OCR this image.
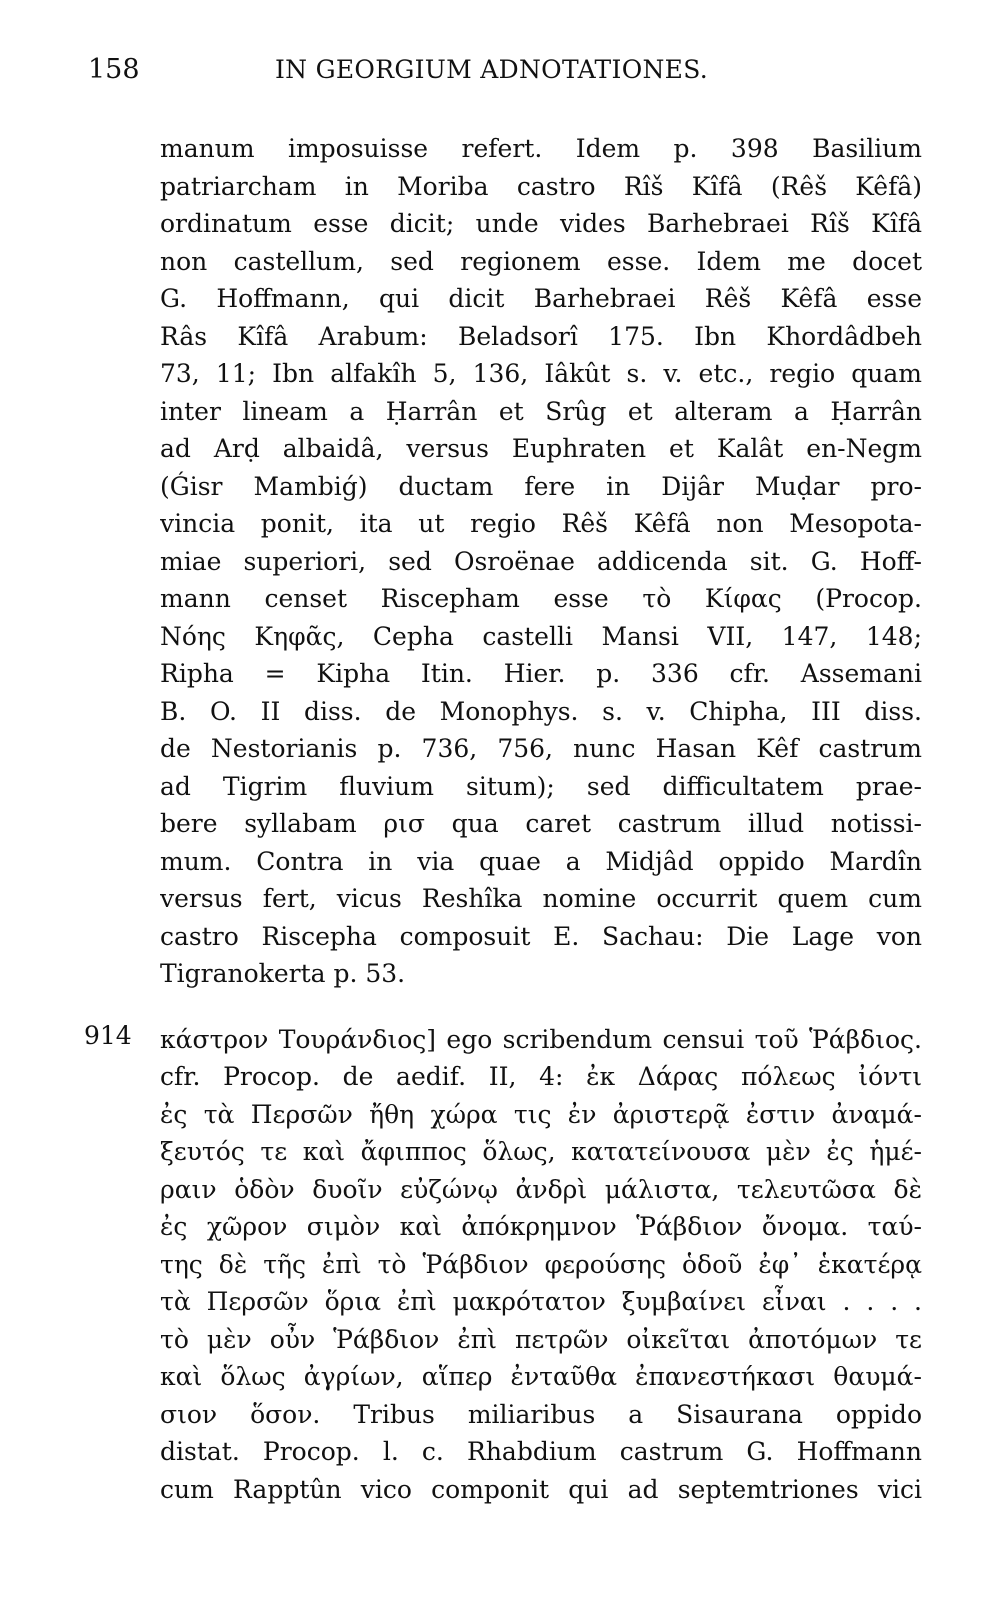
158	IN GEORGIUM ADNOTATIONES.
manum imposuisse refert. Idem p. 398 Basilium
patriarcham in Moriba castro Rîš Kîfâ (Rêš Kêfâ)
ordinatum esse dicit; unde vides Barhebraei Rîš Kîfâ
non castellum, sed regionem esse. Idem me docet
G. Hoffmann, qui dicit Barhebraei Rêš Kêfâ esse
Râs Kîfâ Arabum: Beladsorî 175. Ibn Khordâdbeh
73, 11; Ibn alfakîh 5, 136, Iâkût s. v. etc., regio quam
inter lineam a Ḥarrân et Srûg et alteram a Ḥarrân
ad Arḍ albaidâ, versus Euphraten et Kalât en-Negm
(Ǵisr Mambiǵ) ductam fere in Dijâr Muḍar pro-
vincia ponit, ita ut regio Rêš Kêfâ non Mesopota-
miae superiori, sed Osroënae addicenda sit. G. Hoff-
mann censet Riscepham esse τὸ Κίφας (Procop.
Νόης Κηφᾶς, Cepha castelli Mansi VII, 147, 148;
Ripha = Kipha Itin. Hier. p. 336 cfr. Assemani
B. O. II diss. de Monophys. s. v. Chipha, III diss.
de Nestorianis p. 736, 756, nunc Hasan Kêf castrum
ad Tigrim fluvium situm); sed difficultatem prae-
bere syllabam ρισ qua caret castrum illud notissi-
mum. Contra in via quae a Midjâd oppido Mardîn
versus fert, vicus Reshîka nomine occurrit quem cum
castro Riscepha composuit E. Sachau: Die Lage von
Tigranokerta p. 53.
914 κάστρον Τουράνδιος] ego scribendum censui τοῦ Ῥάβδιος.
cfr. Procop. de aedif. II, 4: ἐκ Δάρας πόλεως ἰόντι
ἐς τὰ Περσῶν ἤθη χώρα τις ἐν ἀριστερᾷ ἐστιν ἀναμά-
ξευτός τε καὶ ἄφιππος ὅλως, κατατείνουσα μὲν ἐς ἡμέ-
ραιν ὁδὸν δυοῖν εὐζώνῳ ἀνδρὶ μάλιστα, τελευτῶσα δὲ
ἐς χῶρον σιμὸν καὶ ἀπόκρημνον Ῥάβδιον ὄνομα. ταύ-
της δὲ τῆς ἐπὶ τὸ Ῥάβδιον φερούσης ὁδοῦ ἐφ᾽ ἑκατέρᾳ
τὰ Περσῶν ὅρια ἐπὶ μακρότατον ξυμβαίνει εἶναι . . . .
τὸ μὲν οὖν Ῥάβδιον ἐπὶ πετρῶν οἰκεῖται ἀποτόμων τε
καὶ ὅλως ἀγρίων, αἵπερ ἐνταῦθα ἐπανεστήκασι θαυμά-
σιον ὅσον. Tribus miliaribus a Sisaurana oppido
distat. Procop. l. c. Rhabdium castrum G. Hoffmann
cum Rapptûn vico componit qui ad septemtriones vici
